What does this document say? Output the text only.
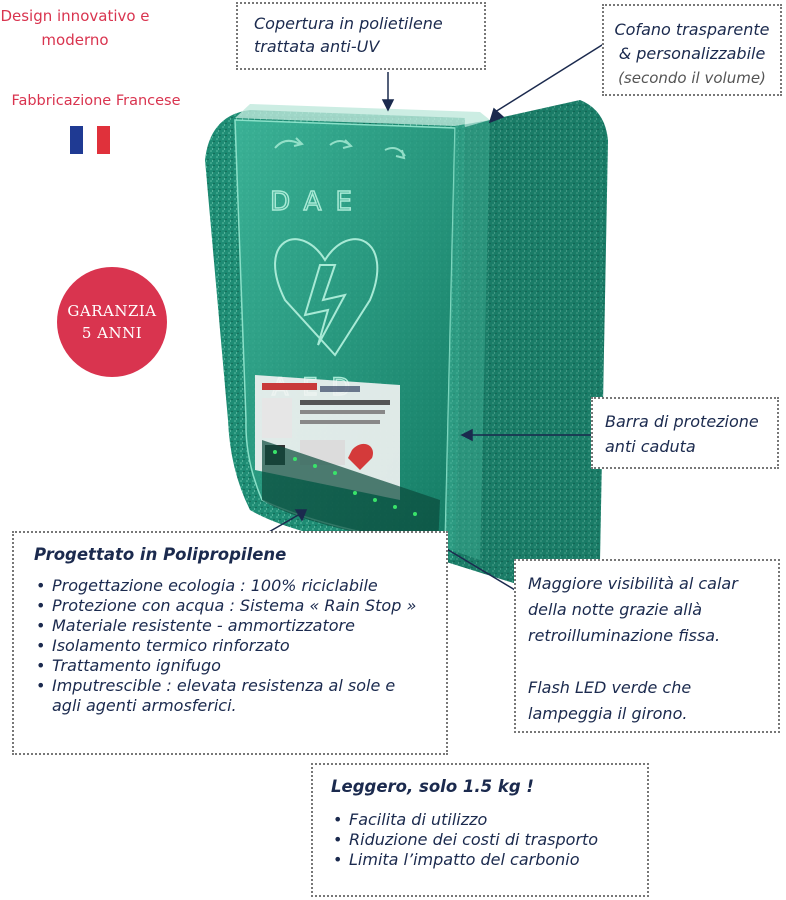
DAE
Design innovativo e moderno
Fabbricazione Francese
GARANZIA
5 ANNI
Copertura in polietilene trattata anti-UV
Cofano trasparente & personalizzabile
(secondo il volume)
Barra di protezione anti caduta
Progettato in Polipropilene
• Progettazione ecologia : 100% riciclabile
• Protezione con acqua : Sistema « Rain Stop »
• Materiale resistente - ammortizzatore
• Isolamento termico rinforzato
• Trattamento ignifugo
• Imputrescible : elevata resistenza al sole e agli agenti armosferici.
Maggiore visibilità al calar della notte grazie allà retroilluminazione fissa.
Flash LED verde che lampeggia il girono.
Leggero, solo 1.5 kg !
• Facilita di utilizzo
• Riduzione dei costi di trasporto
• Limita l’impatto del carbonio
